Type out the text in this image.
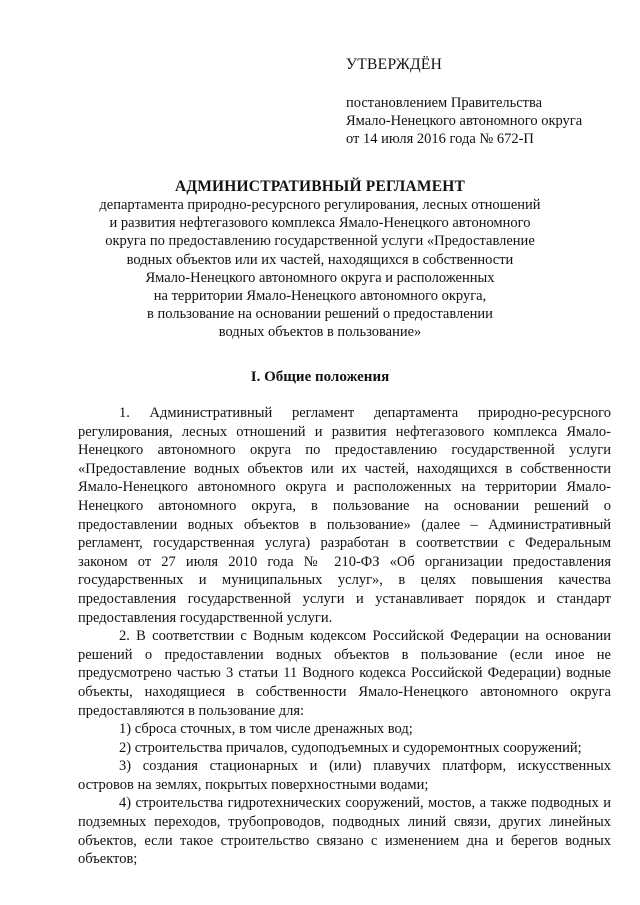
УТВЕРЖДЁН
постановлением Правительства
Ямало-Ненецкого автономного округа
от 14 июля 2016 года № 672-П
АДМИНИСТРАТИВНЫЙ РЕГЛАМЕНТ
департамента природно-ресурсного регулирования, лесных отношений
и развития нефтегазового комплекса Ямало-Ненецкого автономного
округа по предоставлению государственной услуги «Предоставление
водных объектов или их частей, находящихся в собственности
Ямало-Ненецкого автономного округа и расположенных
на территории Ямало-Ненецкого автономного округа,
в пользование на основании решений о предоставлении
водных объектов в пользование»
I. Общие положения

1. Административный регламент департамента природно-ресурсного регулирования, лесных отношений и развития нефтегазового комплекса Ямало-Ненецкого автономного округа по предоставлению государственной услуги «Предоставление водных объектов или их частей, находящихся в собственности Ямало-Ненецкого автономного округа и расположенных на территории Ямало-Ненецкого автономного округа, в пользование на основании решений о предоставлении водных объектов в пользование» (далее – Административный регламент, государственная услуга) разработан в соответствии с Федеральным законом от 27 июля 2010 года № 210-ФЗ «Об организации предоставления государственных и муниципальных услуг», в целях повышения качества предоставления государственной услуги и устанавливает порядок и стандарт предоставления государственной услуги.

2. В соответствии с Водным кодексом Российской Федерации на основании решений о предоставлении водных объектов в пользование (если иное не предусмотрено частью 3 статьи 11 Водного кодекса Российской Федерации) водные объекты, находящиеся в собственности Ямало-Ненецкого автономного округа предоставляются в пользование для:

1) сброса сточных, в том числе дренажных вод;

2) строительства причалов, судоподъемных и судоремонтных сооружений;

3) создания стационарных и (или) плавучих платформ, искусственных островов на землях, покрытых поверхностными водами;

4) строительства гидротехнических сооружений, мостов, а также подводных и подземных переходов, трубопроводов, подводных линий связи, других линейных объектов, если такое строительство связано с изменением дна и берегов водных объектов;
